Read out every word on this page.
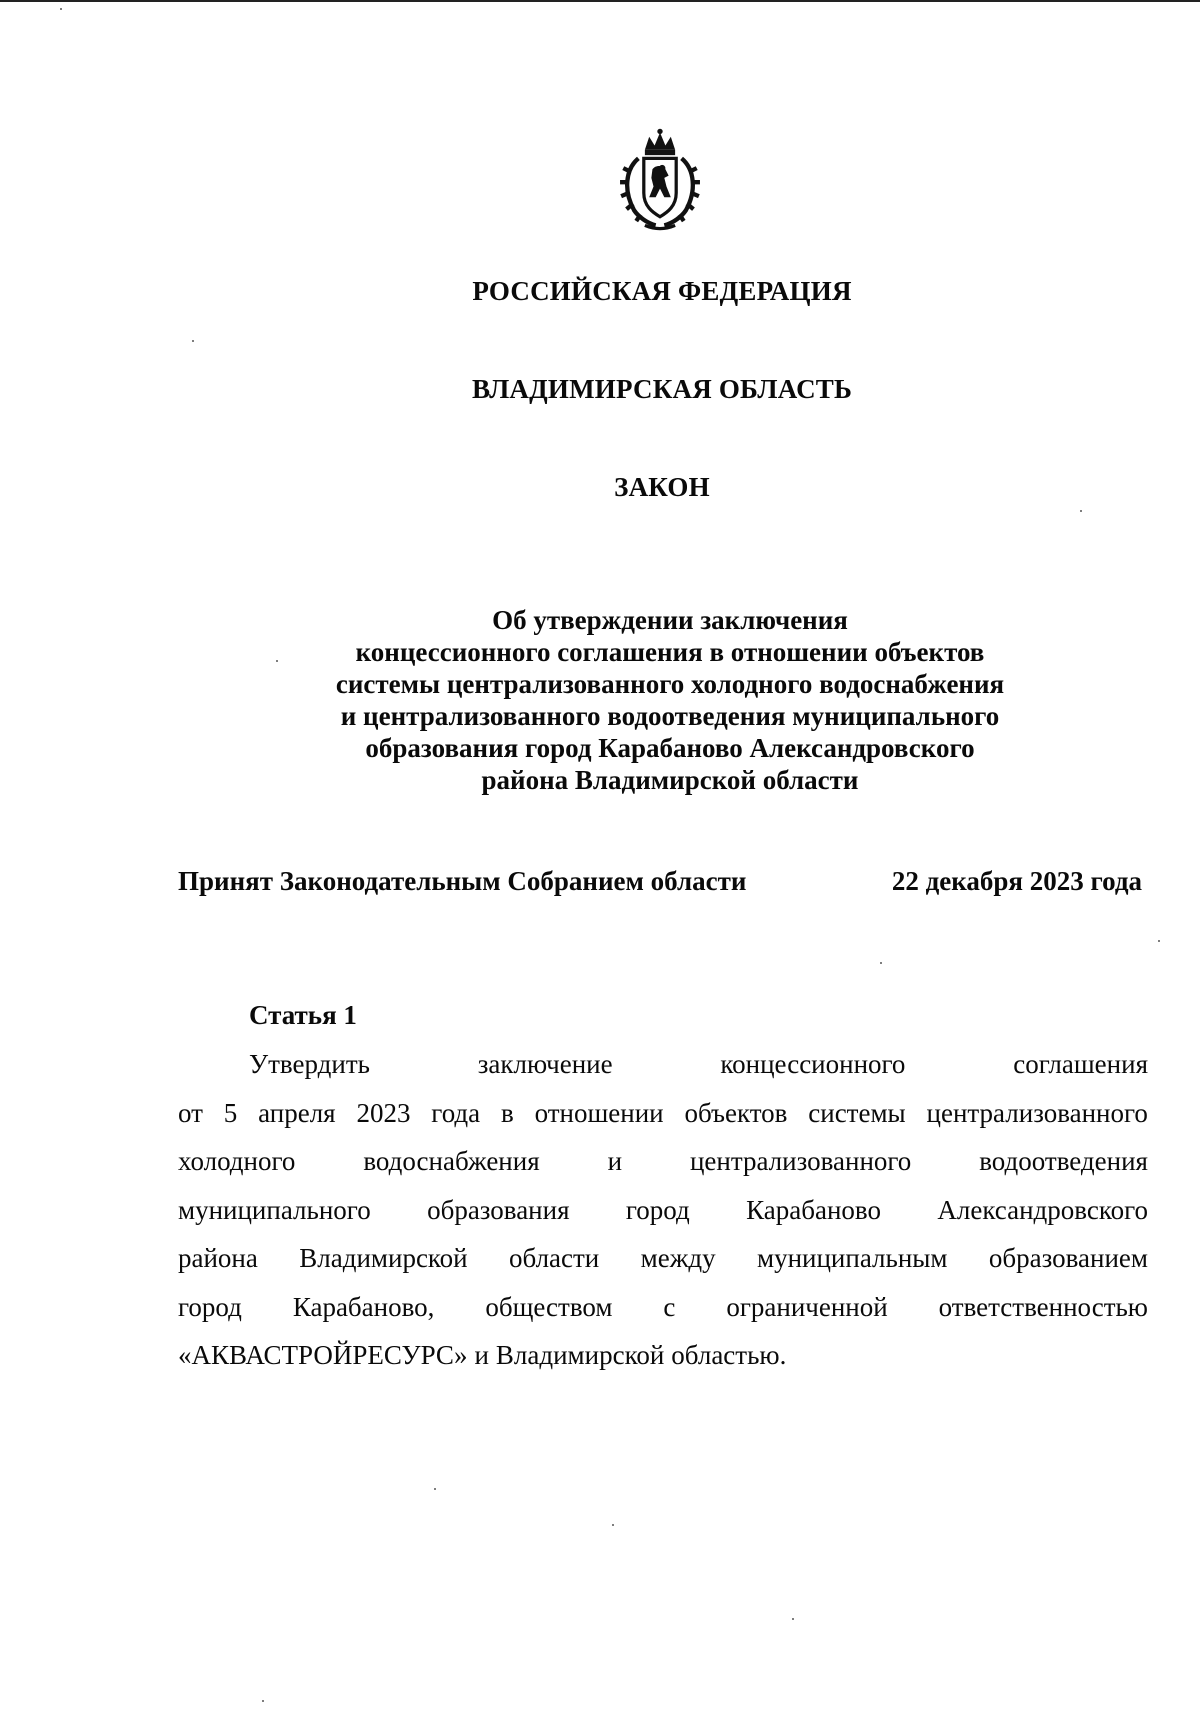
РОССИЙСКАЯ ФЕДЕРАЦИЯ

ВЛАДИМИРСКАЯ ОБЛАСТЬ

ЗАКОН

Об утверждении заключения
концессионного соглашения в отношении объектов
системы централизованного холодного водоснабжения
и централизованного водоотведения муниципального
образования город Карабаново Александровского
района Владимирской области
Принят Законодательным Собранием области	22 декабря 2023 года
Статья 1
Утвердить	заключение	концессионного	соглашения
от 5 апреля 2023 года в отношении объектов системы централизованного
холодного	водоснабжения	и	централизованного	водоотведения
муниципального образования город Карабаново Александровского
района Владимирской области между муниципальным образованием
город Карабаново, обществом с ограниченной ответственностью
«АКВАСТРОЙРЕСУРС» и Владимирской областью.
